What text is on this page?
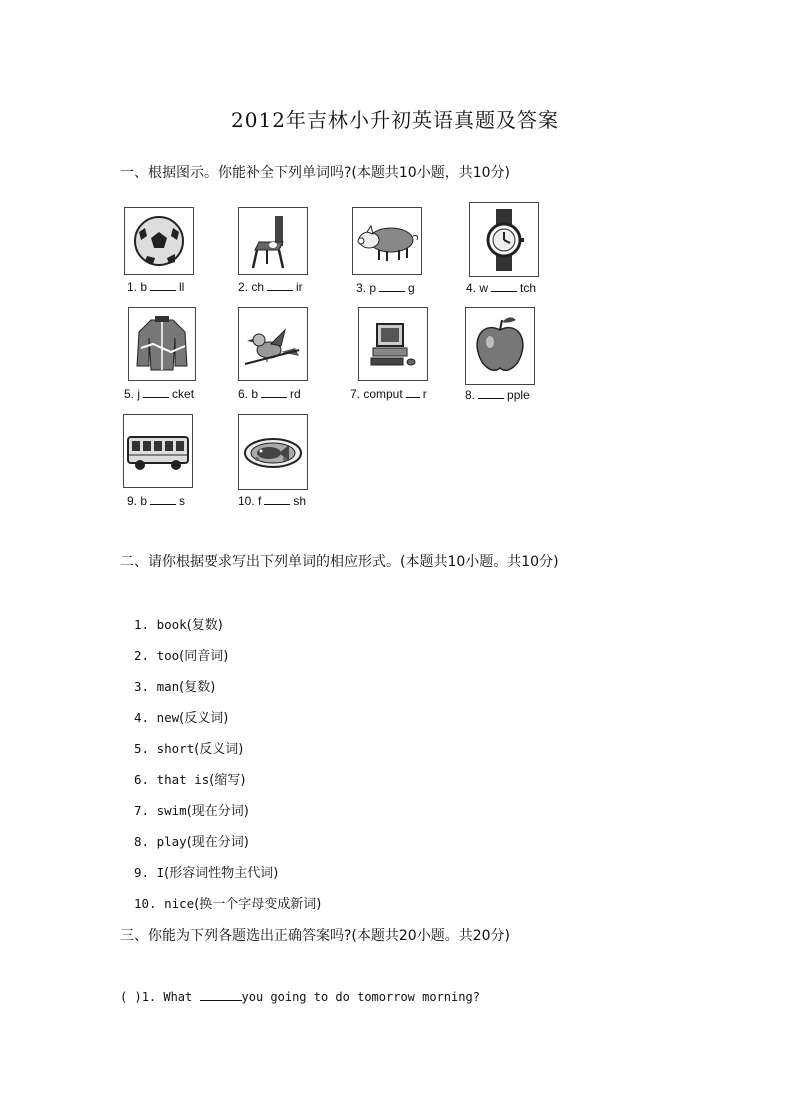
2012年吉林小升初英语真题及答案
一、根据图示。你能补全下列单词吗?(本题共10小题，共10分)
1. b	ll	2. ch	ir	3. p	g	4. w	tch
5. j	cket	6. b	rd	7. comput r	8.	pple
9. b	s	10. f	sh
二、请你根据要求写出下列单词的相应形式。(本题共10小题。共10分)
1. book(复数)
2. too(同音词)
3. man(复数)
4. new(反义词)
5. short(反义词)
6. that is(缩写)
7. swim(现在分词)
8. play(现在分词)
9. I(形容词性物主代词)
10. nice(换一个字母变成新词)
三、你能为下列各题选出正确答案吗?(本题共20小题。共20分)
( )1. What	you going to do tomorrow morning?
